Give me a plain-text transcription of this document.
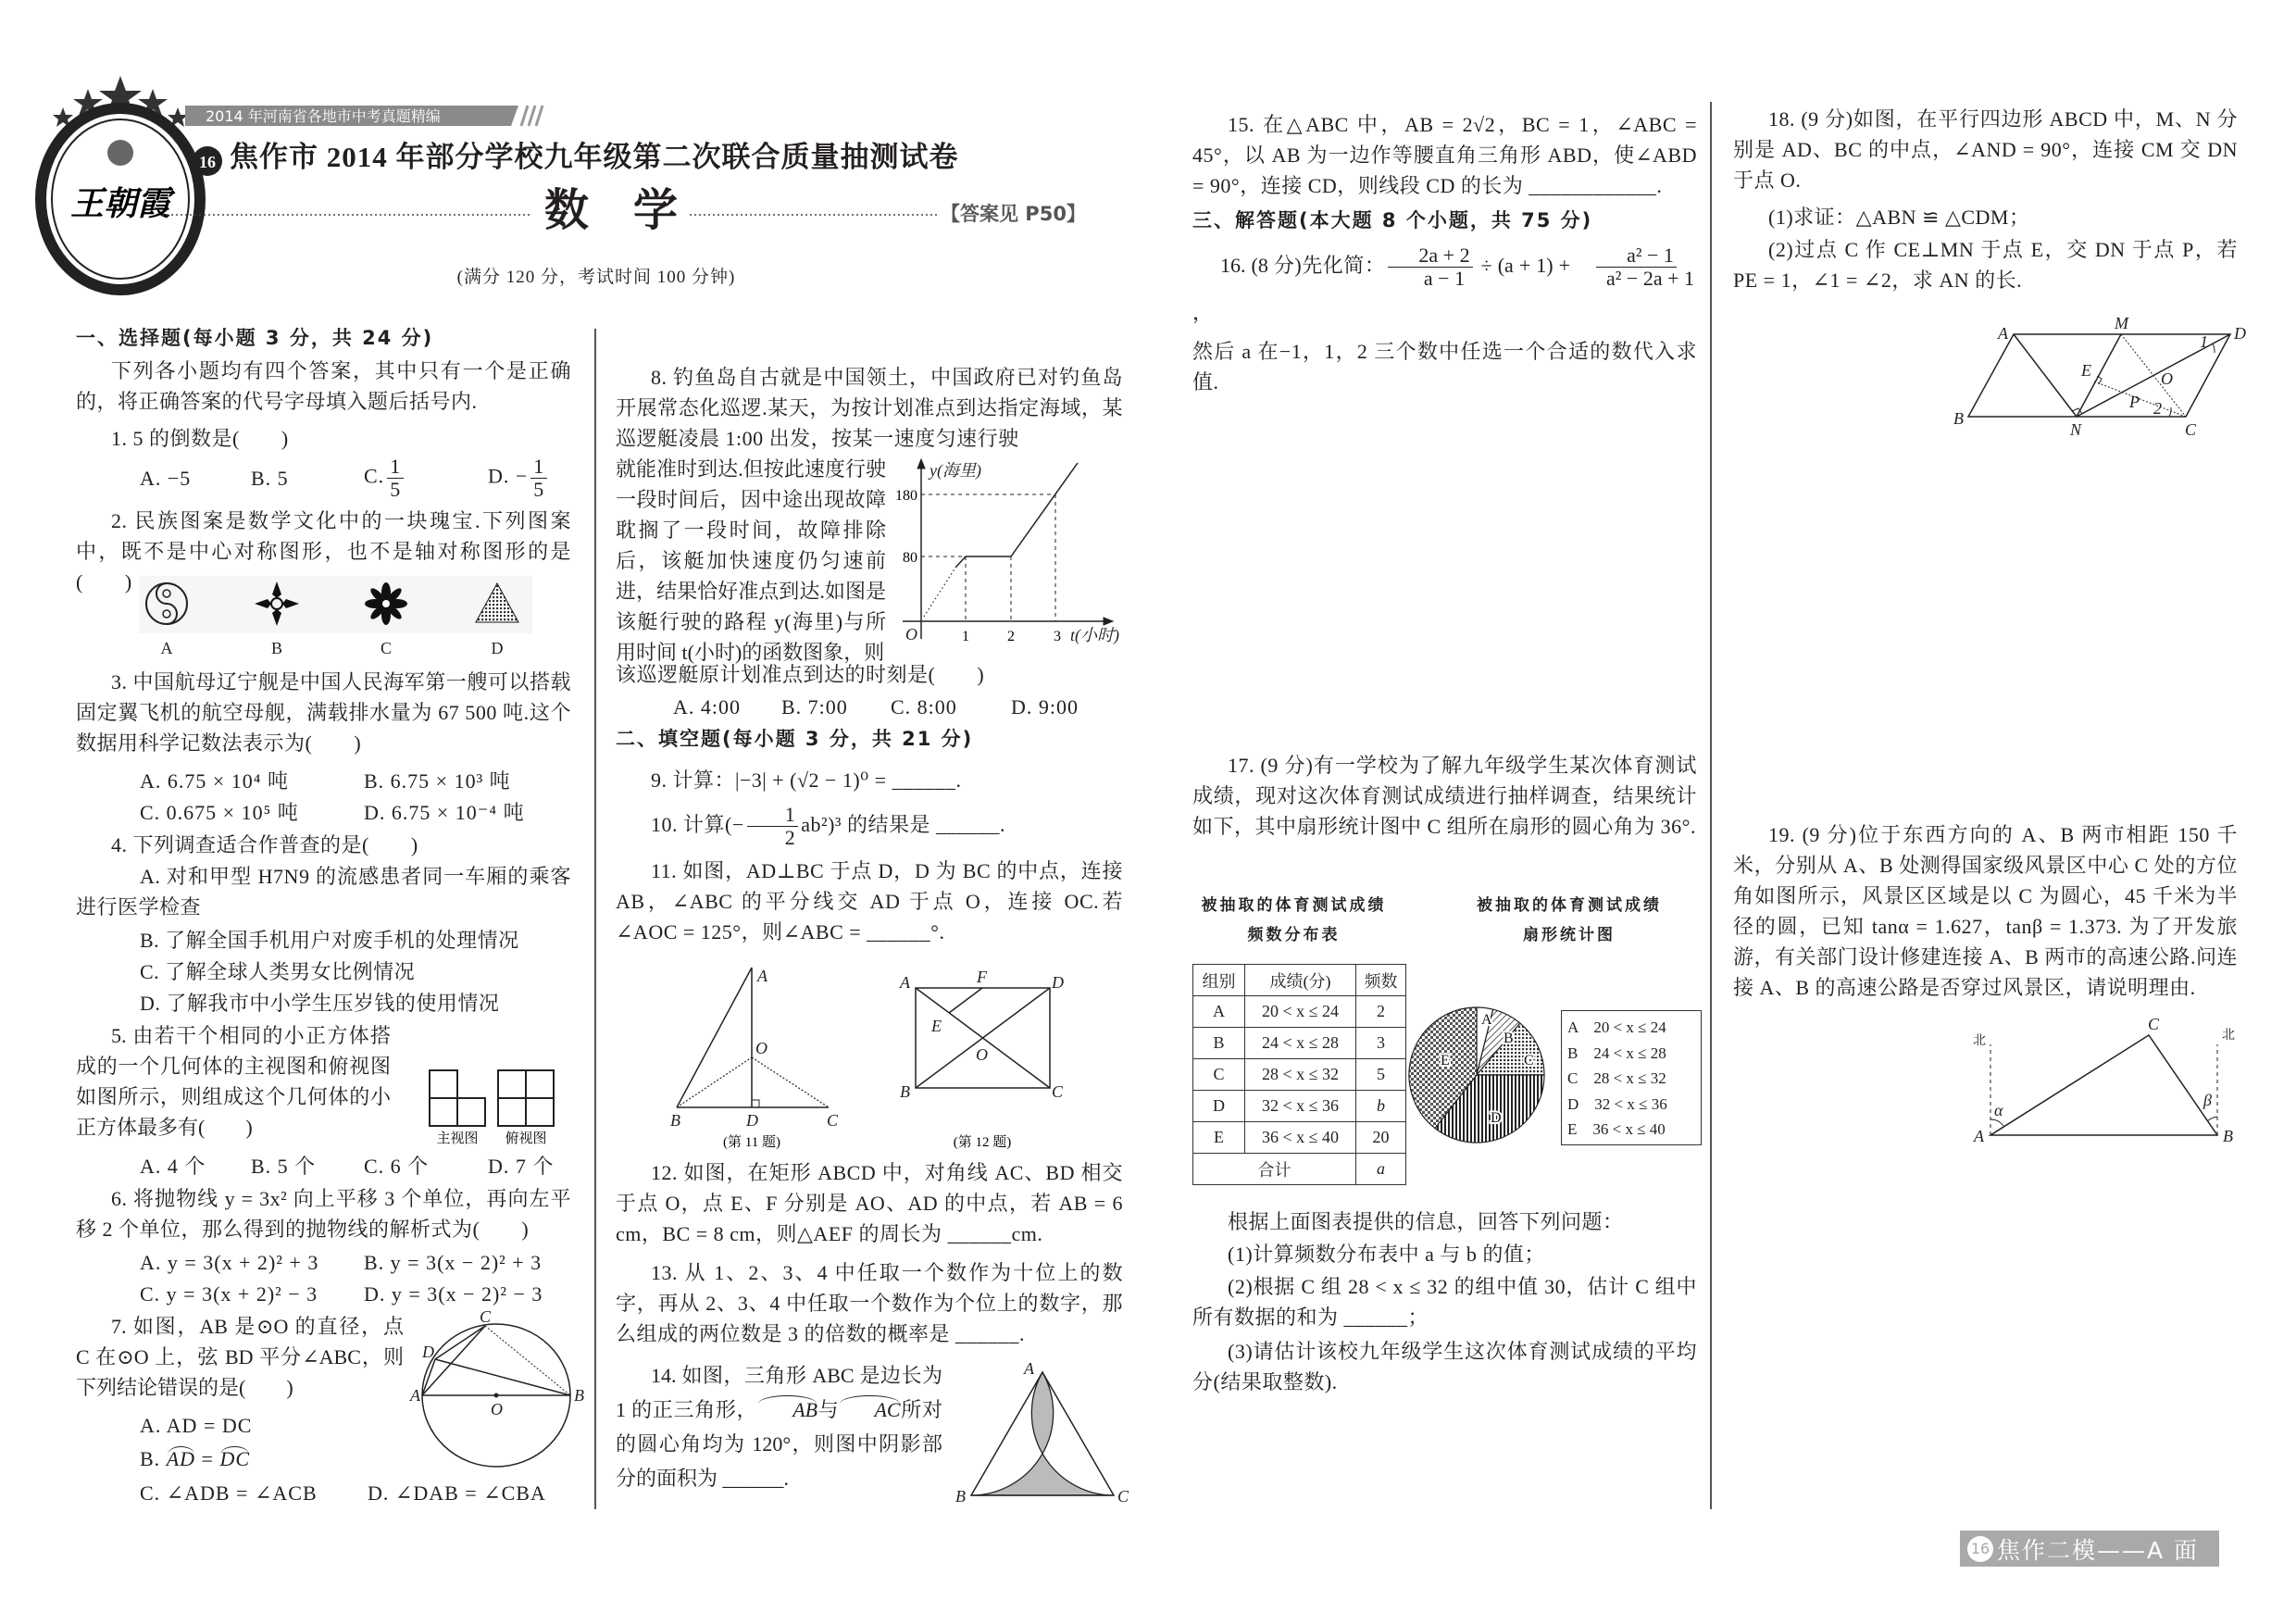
王朝霞
2014 年河南省各地市中考真题精编
16
A	B	C	D
主视图 俯视图
A	B
C
D
O
y(海里)
t(小时)
O	1	2	3
80
180
A
B	C
D
O
(第 11 题)
A
B	C
D
E
F
O
(第 12 题)
A
B	C
A
B
C
D
E
A
B
C
D
M
N
E	O
P
1
2
A	B
C
北	北
α
β
焦作市 2014 年部分学校九年级第二次联合质量抽测试卷
数　学	【答案见 P50】
(满分 120 分，考试时间 100 分钟)
一、选择题(每小题 3 分，共 24 分)
下列各小题均有四个答案，其中只有一个是正确的，将正确答案的代号字母填入题后括号内.
1. 5 的倒数是(　　)
A. −5	B. 5	C. $\frac{1}{5}$	D. − $\frac{1}{5}$
2. 民族图案是数学文化中的一块瑰宝.下列图案中，既不是中心对称图形，也不是轴对称图形的是(　　)
3. 中国航母辽宁舰是中国人民海军第一艘可以搭载固定翼飞机的航空母舰，满载排水量为 67 500 吨.这个数据用科学记数法表示为(　　)
A. 6.75 × 10⁴ 吨	B. 6.75 × 10³ 吨
C. 0.675 × 10⁵ 吨	D. 6.75 × 10⁻⁴ 吨
4. 下列调查适合作普查的是(　　)
A. 对和甲型 H7N9 的流感患者同一车厢的乘客进行医学检查
B. 了解全国手机用户对废手机的处理情况
C. 了解全球人类男女比例情况
D. 了解我市中小学生压岁钱的使用情况
5. 由若干个相同的小正方体搭成的一个几何体的主视图和俯视图如图所示，则组成这个几何体的小正方体最多有(　　)
A. 4 个 B. 5 个 C. 6 个	D. 7 个
6. 将抛物线 y = 3x² 向上平移 3 个单位，再向左平移 2 个单位，那么得到的抛物线的解析式为(　　)
A. y = 3(x + 2)² + 3 B. y = 3(x − 2)² + 3
C. y = 3(x + 2)² − 3 D. y = 3(x − 2)² − 3
7. 如图，AB 是⊙O 的直径，点 C 在⊙O 上，弦 BD 平分∠ABC，则下列结论错误的是(　　)
A. AD = DC
B. AD = DC
C. ∠ADB = ∠ACB D. ∠DAB = ∠CBA
8. 钓鱼岛自古就是中国领土，中国政府已对钓鱼岛开展常态化巡逻.某天，为按计划准点到达指定海域，某巡逻艇凌晨 1:00 出发，按某一速度匀速行驶
就能准时到达.但按此速度行驶一段时间后，因中途出现故障耽搁了一段时间，故障排除后，该艇加快速度仍匀速前进，结果恰好准点到达.如图是该艇行驶的路程 y(海里)与所用时间 t(小时)的函数图象，则
该巡逻艇原计划准点到达的时刻是(　　)
A. 4:00 B. 7:00 C. 8:00	D. 9:00
二、填空题(每小题 3 分，共 21 分)
9. 计算：|−3| + (√2 − 1)⁰ = ______.
10. 计算(− $\frac{1}{2} ab^2)^3$ 的结果是 ______.
11. 如图，AD⊥BC 于点 D，D 为 BC 的中点，连接 AB，∠ABC 的平分线交 AD 于点 O，连接 OC.若∠AOC = 125°，则∠ABC = ______°.
12. 如图，在矩形 ABCD 中，对角线 AC、BD 相交于点 O，点 E、F 分别是 AO、AD 的中点，若 AB = 6 cm，BC = 8 cm，则△AEF 的周长为 ______cm.
13. 从 1、2、3、4 中任取一个数作为十位上的数字，再从 2、3、4 中任取一个数作为个位上的数字，那么组成的两位数是 3 的倍数的概率是 ______.
14. 如图，三角形 ABC 是边长为 1 的正三角形， AB与 AC所对的圆心角均为 120°，则图中阴影部分的面积为 ______.
15. 在△ABC 中，AB = 2√2，BC = 1，∠ABC = 45°，以 AB 为一边作等腰直角三角形 ABD，使∠ABD = 90°，连接 CD，则线段 CD 的长为 ____________.
三、解答题(本大题 8 个小题，共 75 分)
16. (8 分)先化简： $\frac{2a + 2}{a - 1} \div (a + 1) + \frac{\text{a² − 1}}{\text{a² − 2a + 1}}$
，
然后 a 在−1，1，2 三个数中任选一个合适的数代入求值.
17. (9 分)有一学校为了解九年级学生某次体育测试成绩，现对这次体育测试成绩进行抽样调查，结果统计如下，其中扇形统计图中 C 组所在扇形的圆心角为 36°.
被抽取的体育测试成绩
频数分布表
被抽取的体育测试成绩
扇形统计图
组别	成绩(分)	频数
A	20 < x ≤ 24	2
B	24 < x ≤ 28	3
C	28 < x ≤ 32	5
D	32 < x ≤ 36	b
E	36 < x ≤ 40	20
合计		a
A　20 < x ≤ 24
B　24 < x ≤ 28
C　28 < x ≤ 32
D　32 < x ≤ 36
E　36 < x ≤ 40
根据上面图表提供的信息，回答下列问题：
(1)计算频数分布表中 a 与 b 的值；
(2)根据 C 组 28 < x ≤ 32 的组中值 30，估计 C 组中所有数据的和为 ______；
(3)请估计该校九年级学生这次体育测试成绩的平均分(结果取整数).
18. (9 分)如图，在平行四边形 ABCD 中，M、N 分别是 AD、BC 的中点，∠AND = 90°，连接 CM 交 DN 于点 O.
(1)求证：△ABN ≌ △CDM；
(2)过点 C 作 CE⊥MN 于点 E，交 DN 于点 P，若 PE = 1，∠1 = ∠2，求 AN 的长.
19. (9 分)位于东西方向的 A、B 两市相距 150 千米，分别从 A、B 处测得国家级风景区中心 C 处的方位角如图所示，风景区区域是以 C 为圆心，45 千米为半径的圆，已知 tanα = 1.627，tanβ = 1.373. 为了开发旅游，有关部门设计修建连接 A、B 两市的高速公路.问连接 A、B 的高速公路是否穿过风景区，请说明理由.
16 焦作二模——A 面
